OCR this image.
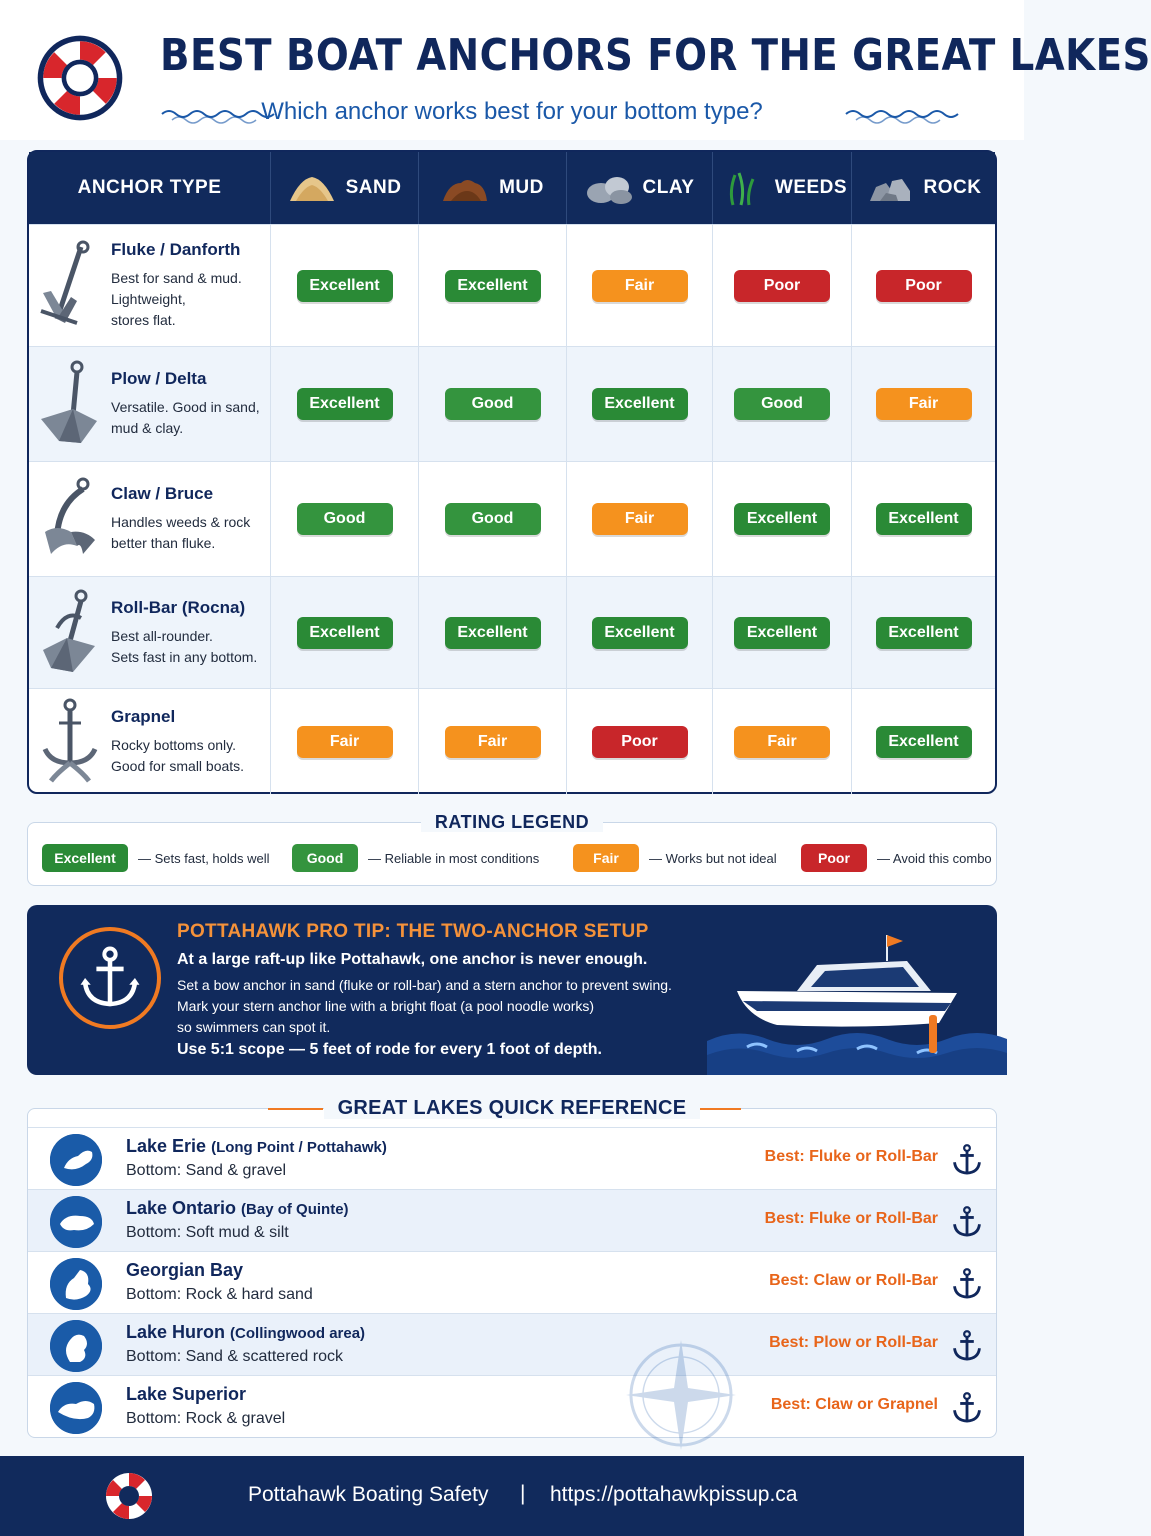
BEST BOAT ANCHORS FOR THE GREAT LAKES
Which anchor works best for your bottom type?
ANCHOR TYPE	SAND	MUD	CLAY	WEEDS	ROCK
Fluke / Danforth
Best for sand & mud.
Lightweight,
stores flat.
Excellent	Excellent	Fair	Poor	Poor
Plow / Delta
Versatile. Good in sand,
mud & clay.
Excellent	Good	Excellent	Good	Fair
Claw / Bruce
Handles weeds & rock
better than fluke.
Good	Good	Fair	Excellent	Excellent
Roll-Bar (Rocna)
Best all-rounder.
Sets fast in any bottom.
Excellent	Excellent	Excellent	Excellent	Excellent
Grapnel
Rocky bottoms only.
Good for small boats.
Fair	Fair	Poor	Fair	Excellent
Excellent	— Sets fast, holds well	Good	— Reliable in most conditions	Fair	— Works but not ideal	Poor	— Avoid this combo
RATING LEGEND
POTTAHAWK PRO TIP: THE TWO-ANCHOR SETUP
At a large raft-up like Pottahawk, one anchor is never enough.
Set a bow anchor in sand (fluke or roll-bar) and a stern anchor to prevent swing.
Mark your stern anchor line with a bright float (a pool noodle works)
so swimmers can spot it.
Use 5:1 scope — 5 feet of rode for every 1 foot of depth.
Lake Erie (Long Point / Pottahawk)
Bottom: Sand & gravel
Best: Fluke or Roll-Bar
Lake Ontario (Bay of Quinte)
Bottom: Soft mud & silt
Best: Fluke or Roll-Bar
Georgian Bay
Bottom: Rock & hard sand
Best: Claw or Roll-Bar
Lake Huron (Collingwood area)
Bottom: Sand & scattered rock
Best: Plow or Roll-Bar
Lake Superior
Bottom: Rock & gravel
Best: Claw or Grapnel
GREAT LAKES QUICK REFERENCE
Pottahawk Boating Safety | https://pottahawkpissup.ca
